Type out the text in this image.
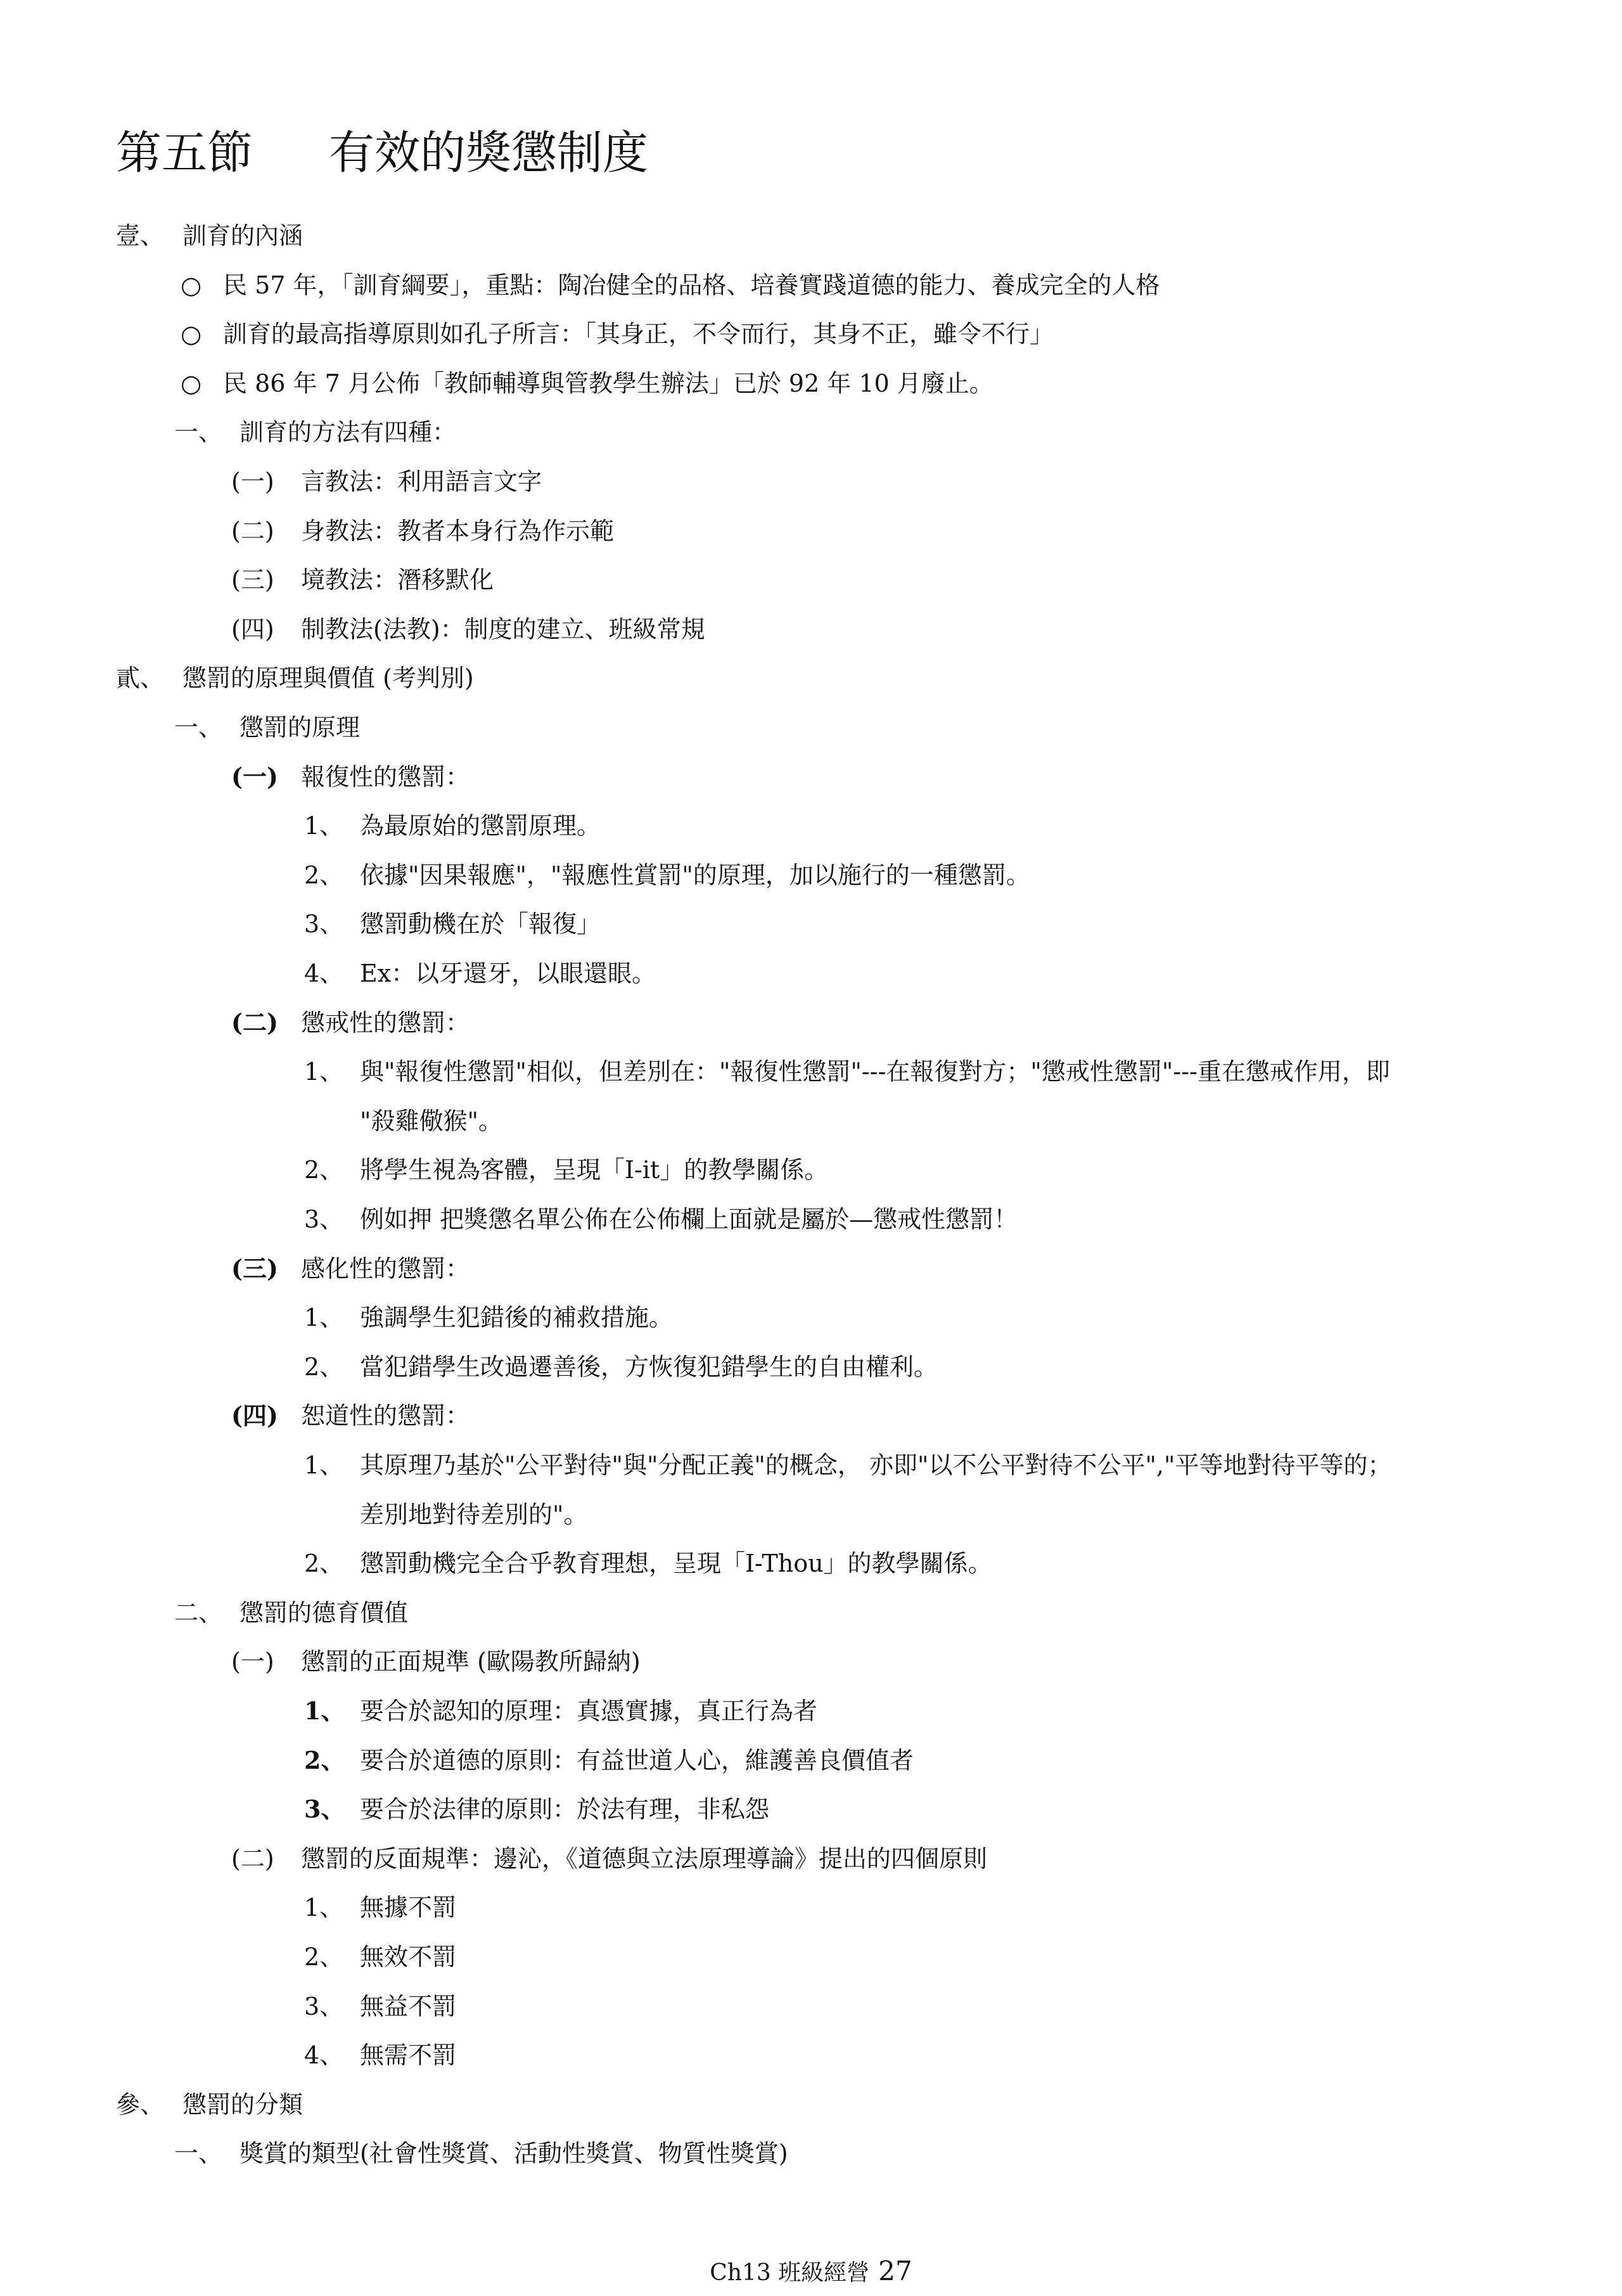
第五節 有效的獎懲制度
壹、 訓育的內涵
○ 民 57 年，「訓育綱要」，重點：陶冶健全的品格、培養實踐道德的能力、養成完全的人格
○ 訓育的最高指導原則如孔子所言：「其身正，不令而行，其身不正，雖令不行」
○ 民 86 年 7 月公佈「教師輔導與管教學生辦法」已於 92 年 10 月廢止。
一、 訓育的方法有四種：
(一) 言教法：利用語言文字
(二) 身教法：教者本身行為作示範
(三) 境教法：潛移默化
(四) 制教法(法教)：制度的建立、班級常規
貳、 懲罰的原理與價值 (考判別)
一、 懲罰的原理
(一) 報復性的懲罰：
1、 為最原始的懲罰原理。
2、 依據"因果報應"，"報應性賞罰"的原理，加以施行的一種懲罰。
3、 懲罰動機在於「報復」
4、 Ex：以牙還牙，以眼還眼。
(二) 懲戒性的懲罰：
1、 與"報復性懲罰"相似，但差別在："報復性懲罰"---在報復對方；"懲戒性懲罰"---重在懲戒作用，即
"殺雞儆猴"。
2、 將學生視為客體，呈現「I-it」的教學關係。
3、 例如押 把獎懲名單公佈在公佈欄上面就是屬於—懲戒性懲罰！
(三) 感化性的懲罰：
1、 強調學生犯錯後的補救措施。
2、 當犯錯學生改過遷善後，方恢復犯錯學生的自由權利。
(四) 恕道性的懲罰：
1、 其原理乃基於"公平對待"與"分配正義"的概念， 亦即"以不公平對待不公平","平等地對待平等的；
差別地對待差別的"。
2、 懲罰動機完全合乎教育理想，呈現「I-Thou」的教學關係。
二、 懲罰的德育價值
(一) 懲罰的正面規準 (歐陽教所歸納)
1、 要合於認知的原理：真憑實據，真正行為者
2、 要合於道德的原則：有益世道人心，維護善良價值者
3、 要合於法律的原則：於法有理，非私怨
(二) 懲罰的反面規準：邊沁，《道德與立法原理導論》提出的四個原則
1、 無據不罰
2、 無效不罰
3、 無益不罰
4、 無需不罰
參、 懲罰的分類
一、 獎賞的類型(社會性獎賞、活動性獎賞、物質性獎賞)
Ch13 班級經營 27
